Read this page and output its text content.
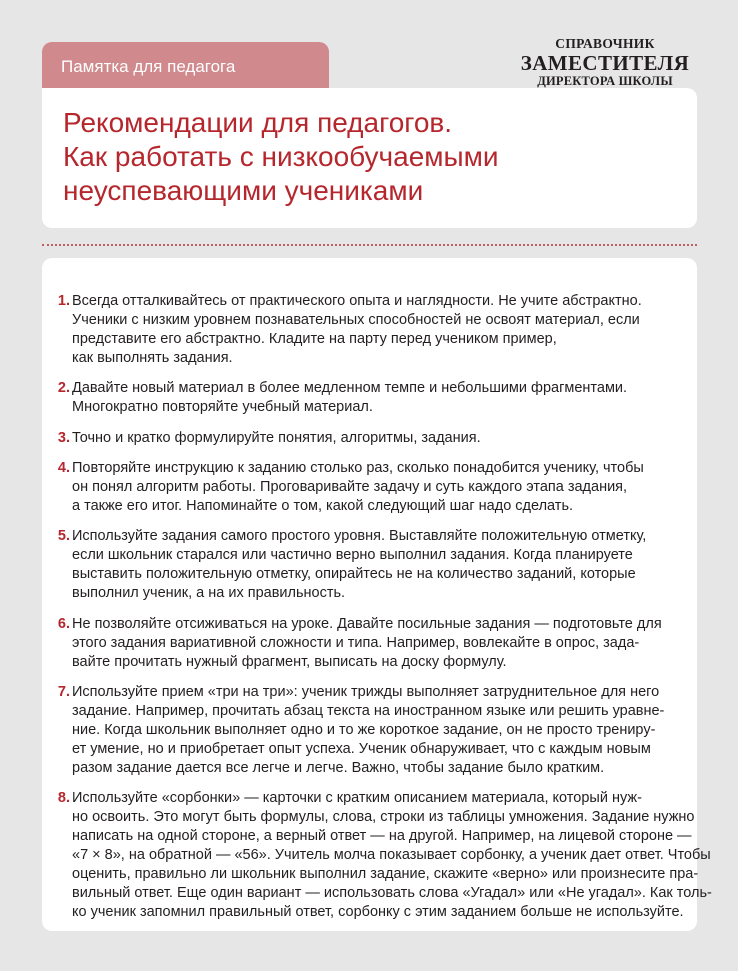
Памятка для педагога
СПРАВОЧНИК
ЗАМЕСТИТЕЛЯ
ДИРЕКТОРА ШКОЛЫ
Рекомендации для педагогов.
Как работать с низкообучаемыми
неуспевающими учениками
1. Всегда отталкивайтесь от практического опыта и наглядности. Не учите абстрактно.
Ученики с низким уровнем познавательных способностей не освоят материал, если
представите его абстрактно. Кладите на парту перед учеником пример,
как выполнять задания.
2. Давайте новый материал в более медленном темпе и небольшими фрагментами.
Многократно повторяйте учебный материал.
3. Точно и кратко формулируйте понятия, алгоритмы, задания.
4. Повторяйте инструкцию к заданию столько раз, сколько понадобится ученику, чтобы
он понял алгоритм работы. Проговаривайте задачу и суть каждого этапа задания,
а также его итог. Напоминайте о том, какой следующий шаг надо сделать.
5. Используйте задания самого простого уровня. Выставляйте положительную отметку,
если школьник старался или частично верно выполнил задания. Когда планируете
выставить положительную отметку, опирайтесь не на количество заданий, которые
выполнил ученик, а на их правильность.
6. Не позволяйте отсиживаться на уроке. Давайте посильные задания — подготовьте для
этого задания вариативной сложности и типа. Например, вовлекайте в опрос, зада-
вайте прочитать нужный фрагмент, выписать на доску формулу.
7. Используйте прием «три на три»: ученик трижды выполняет затруднительное для него
задание. Например, прочитать абзац текста на иностранном языке или решить уравне-
ние. Когда школьник выполняет одно и то же короткое задание, он не просто трениру-
ет умение, но и приобретает опыт успеха. Ученик обнаруживает, что с каждым новым
разом задание дается все легче и легче. Важно, чтобы задание было кратким.
8. Используйте «сорбонки» — карточки с кратким описанием материала, который нуж-
но освоить. Это могут быть формулы, слова, строки из таблицы умножения. Задание нужно
написать на одной стороне, а верный ответ — на другой. Например, на лицевой стороне —
«7 × 8», на обратной — «56». Учитель молча показывает сорбонку, а ученик дает ответ. Чтобы
оценить, правильно ли школьник выполнил задание, скажите «верно» или произнесите пра-
вильный ответ. Еще один вариант — использовать слова «Угадал» или «Не угадал». Как толь-
ко ученик запомнил правильный ответ, сорбонку с этим заданием больше не используйте.
